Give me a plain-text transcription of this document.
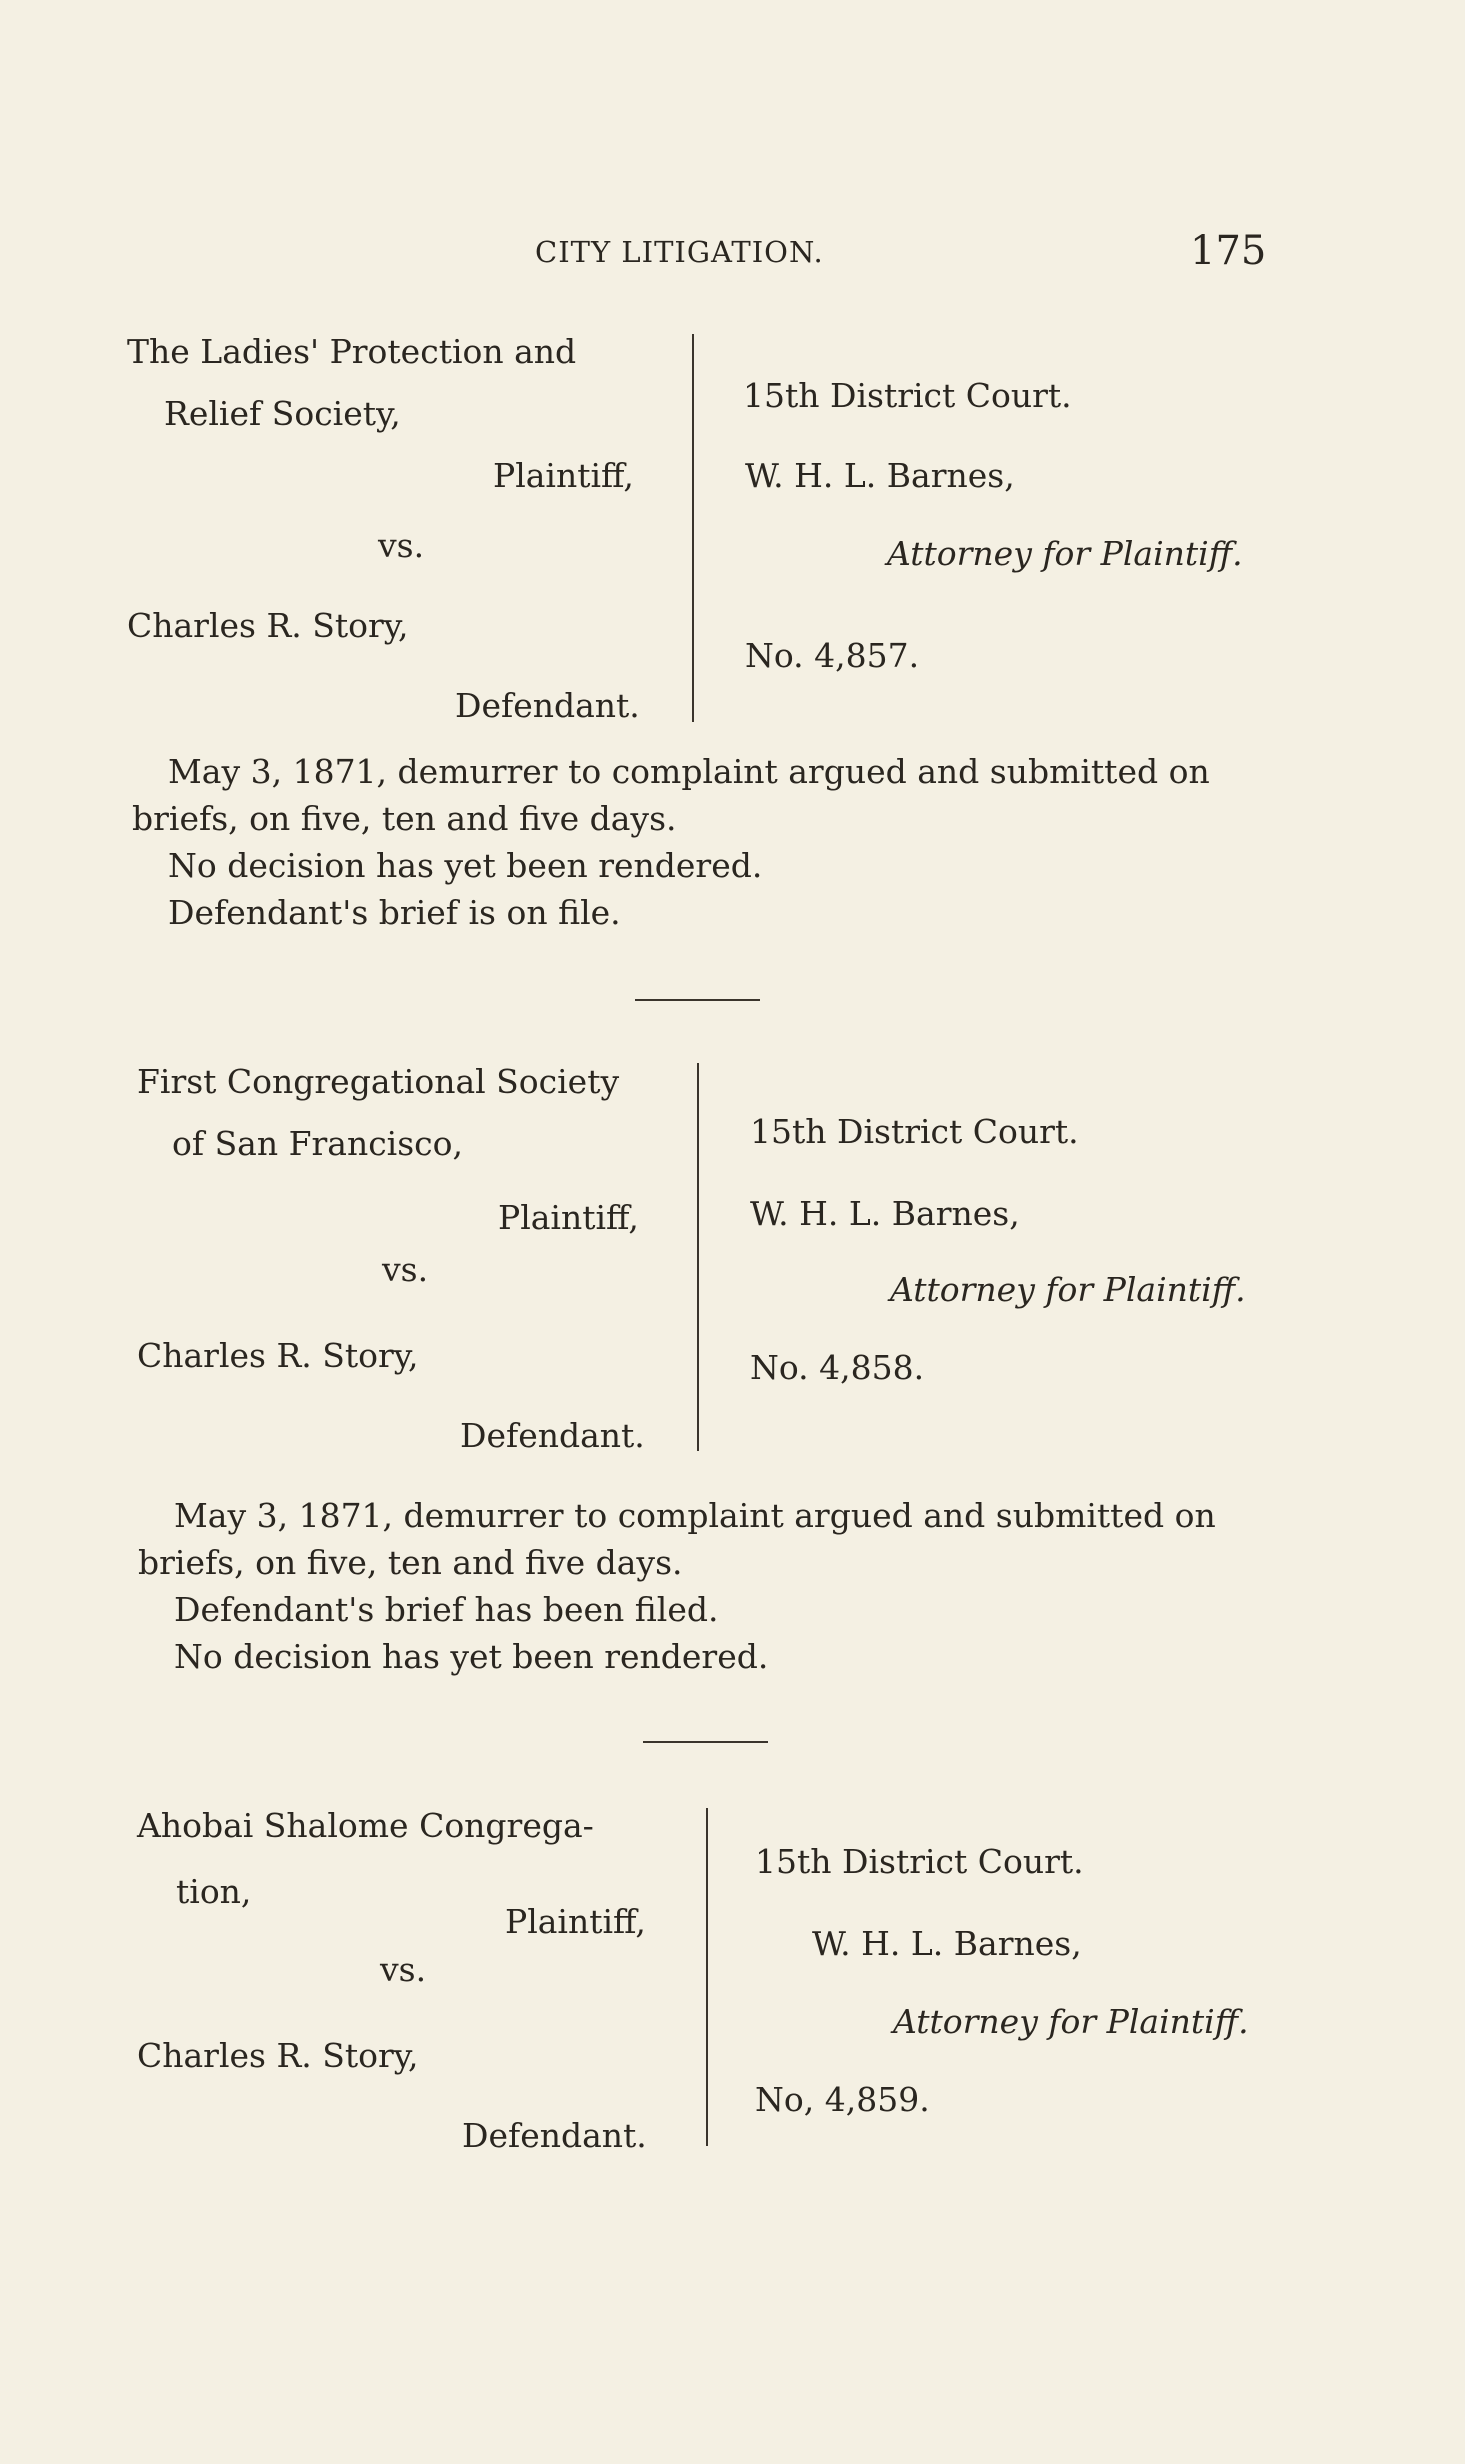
CITY LITIGATION.	175
The Ladies' Protection and
Relief Society,
Plaintiff,
vs.
Charles R. Story,
Defendant.
15th District Court.
W. H. L. Barnes,
Attorney for Plaintiff.
No. 4,857.
May 3, 1871, demurrer to complaint argued and submitted on
briefs, on five, ten and five days.
No decision has yet been rendered.
Defendant's brief is on file.
First Congregational Society
of San Francisco,
Plaintiff,
vs.
Charles R. Story,
Defendant.
15th District Court.
W. H. L. Barnes,
Attorney for Plaintiff.
No. 4,858.
May 3, 1871, demurrer to complaint argued and submitted on
briefs, on five, ten and five days.
Defendant's brief has been filed.
No decision has yet been rendered.
Ahobai Shalome Congrega-
tion,
Plaintiff,
vs.
Charles R. Story,
Defendant.
15th District Court.
W. H. L. Barnes,
Attorney for Plaintiff.
No, 4,859.
